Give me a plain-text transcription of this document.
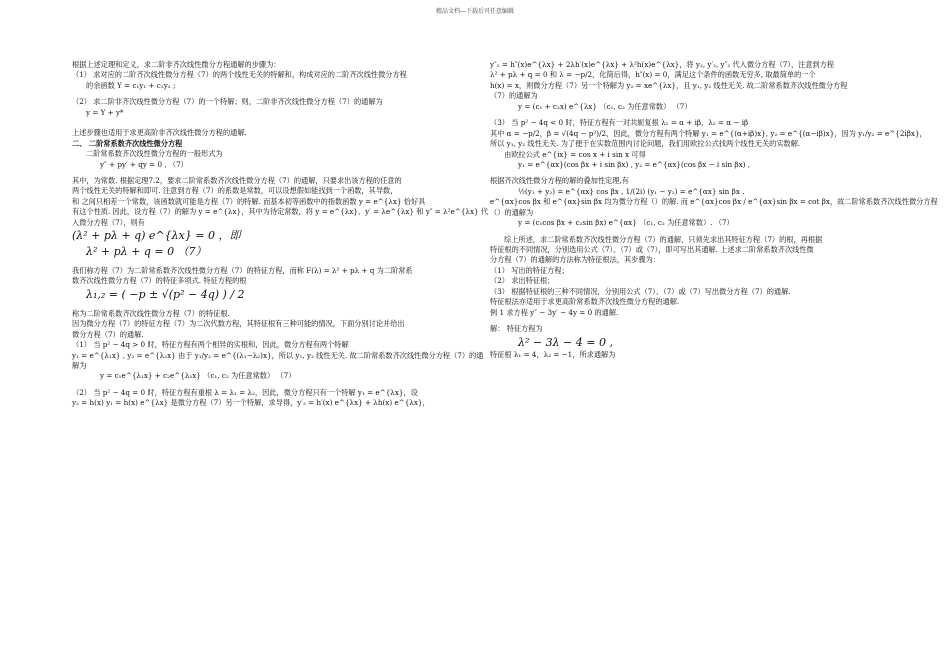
精品文档---下载后可任意编辑
根据上述定理和定义，求二阶非齐次线性微分方程通解的步骤为：
（1） 求对应的二阶齐次线性微分方程（7）的两个线性无关的特解和，构成对应的二阶齐次线性微分方程
的余函数 Y = c₁y₁ + c₂y₂ ;
（2） 求二阶非齐次线性微分方程（7）的一个特解；则，二阶非齐次线性微分方程（7）的通解为
y = Y + y*
上述步骤也适用于求更高阶非齐次线性微分方程的通解.
二、 二阶常系数齐次线性微分方程
二阶常系数齐次线性微分方程的一般形式为
y″ + py′ + qy = 0 , （7）
其中，为常数. 根据定理7.2，要求二阶常系数齐次线性微分方程（7）的通解，只要求出该方程的任意的
两个线性无关的特解和即可. 注意到方程（7）的系数是常数，可以设想假如能找到一个函数，其导数，
和 之间只相差一个常数，该函数就可能是方程（7）的特解. 而基本初等函数中的指数函数 y = e^{λx} 恰好具
有这个性质. 因此，设方程（7）的解为 y = e^{λx}，其中为待定常数，将 y = e^{λx}、y′ = λe^{λx} 和 y″ = λ²e^{λx} 代
入微分方程（7），则有
(λ² + pλ + q) e^{λx} = 0 ，即
λ² + pλ + q = 0 （7）
我们称方程（7）为二阶常系数齐次线性微分方程（7）的特征方程，而称 F(λ) = λ² + pλ + q 为二阶常系
数齐次线性微分方程（7）的特征多项式. 特征方程的根
λ₁,₂ = ( −p ± √(p² − 4q) ) / 2
称为二阶常系数齐次线性微分方程（7）的特征根.
因为微分方程（7）的特征方程（7）为二次代数方程，其特征根有三种可能的情况，下面分别讨论并给出
微分方程（7）的通解.
（1） 当 p² − 4q > 0 时，特征方程有两个相异的实根和，因此，微分方程有两个特解
y₁ = e^{λ₁x} , y₂ = e^{λ₂x} 由于 y₁/y₂ = e^{(λ₁−λ₂)x}，所以 y₁, y₂ 线性无关. 故二阶常系数齐次线性微分方程（7）的通
解为
y = c₁e^{λ₁x} + c₂e^{λ₂x} （c₁, c₂ 为任意常数） （7）
（2） 当 p² − 4q = 0 时，特征方程有重根 λ = λ₁ = λ₂，因此，微分方程只有一个特解 y₁ = e^{λx}，设
y₂ = h(x) y₁ = h(x) e^{λx} 是微分方程（7）另一个特解，求导得，y′₂ = h′(x) e^{λx} + λh(x) e^{λx}，
y″₂ = h″(x)e^{λx} + 2λh′(x)e^{λx} + λ²h(x)e^{λx}，将 y₂, y′₂, y″₂ 代入微分方程（7），注意到方程
λ² + pλ + q = 0 和 λ = −p/2，化简后得，h″(x) = 0，满足这个条件的函数无穷多, 取最简单的一个
h(x) = x，则微分方程（7）另一个特解为 y₂ = xe^{λx}，且 y₁, y₂ 线性无关. 故二阶常系数齐次线性微分方程
（7）的通解为
y = (c₁ + c₂x) e^{λx} （c₁, c₂ 为任意常数） （7）
（3） 当 p² − 4q < 0 时，特征方程有一对共轭复根 λ₁ = α + iβ，λ₂ = α − iβ
其中 α = −p/2，β = √(4q − p²)/2，因此，微分方程有两个特解 y₁ = e^{(α+iβ)x}, y₂ = e^{(α−iβ)x}，因为 y₁/y₂ = e^{2iβx}，
所以 y₁, y₂ 线性无关. 为了便于在实数范围内讨论问题，我们用欧拉公式找两个线性无关的实数解.
由欧拉公式 e^{ix} = cos x + i sin x 可得
y₁ = e^{αx}(cos βx + i sin βx) , y₂ = e^{αx}(cos βx − i sin βx) ,
根据齐次线性微分方程的解的叠加性定理,有
½(y₁ + y₂) = e^{αx} cos βx , 1/(2i) (y₁ − y₂) = e^{αx} sin βx .
e^{αx}cos βx 和 e^{αx}sin βx 均为微分方程（）的解. 而 e^{αx}cos βx / e^{αx}sin βx = cot βx，故二阶常系数齐次线性微分方程
（）的通解为
y = (c₁cos βx + c₂sin βx) e^{αx} （c₁, c₂ 为任意常数）. （7）
综上所述，求二阶常系数齐次线性微分方程（7）的通解，只须先求出其特征方程（7）的根，再根据
特征根的不同情况，分别选用公式（7）、（7）或（7），即可写出其通解. 上述求二阶常系数齐次线性微
分方程（7）的通解的方法称为特征根法，其步骤为：
（1） 写出的特征方程；
（2） 求出特征根；
（3） 根据特征根的三种不同情况，分别用公式（7）、（7）或（7）写出微分方程（7）的通解.
特征根法亦适用于求更高阶常系数齐次线性微分方程的通解.
例 1 求方程 y″ − 3y′ − 4y = 0 的通解.
解： 特征方程为
λ² − 3λ − 4 = 0 ,
特征根 λ₁ = 4，λ₂ = −1，所求通解为
